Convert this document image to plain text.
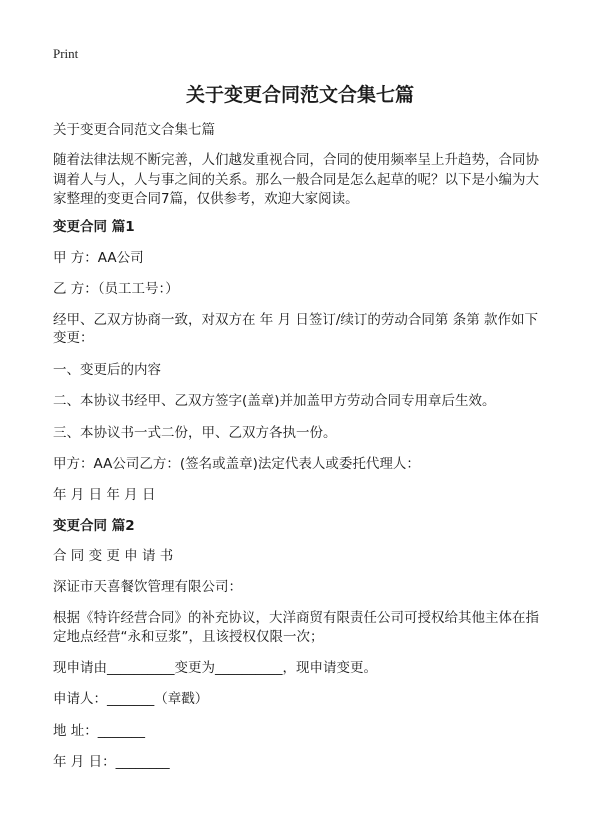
Print
关于变更合同范文合集七篇

关于变更合同范文合集七篇

随着法律法规不断完善，人们越发重视合同，合同的使用频率呈上升趋势，合同协

调着人与人，人与事之间的关系。那么一般合同是怎么起草的呢？以下是小编为大

家整理的变更合同7篇，仅供参考，欢迎大家阅读。

变更合同 篇1

甲 方：AA公司

乙 方：（员工工号：）

经甲、乙双方协商一致，对双方在 年 月 日签订/续订的劳动合同第 条第 款作如下

变更：

一、变更后的内容

二、本协议书经甲、乙双方签字(盖章)并加盖甲方劳动合同专用章后生效。

三、本协议书一式二份，甲、乙双方各执一份。

甲方：AA公司乙方：(签名或盖章)法定代表人或委托代理人：

年 月 日 年 月 日

变更合同 篇2

合 同 变 更 申 请 书

深证市天喜餐饮管理有限公司：

根据《特许经营合同》的补充协议，大洋商贸有限责任公司可授权给其他主体在指

定地点经营“永和豆浆”，且该授权仅限一次；

现申请由__________变更为__________，现申请变更。

申请人：_______（章戳）

地 址：_______

年 月 日：________
